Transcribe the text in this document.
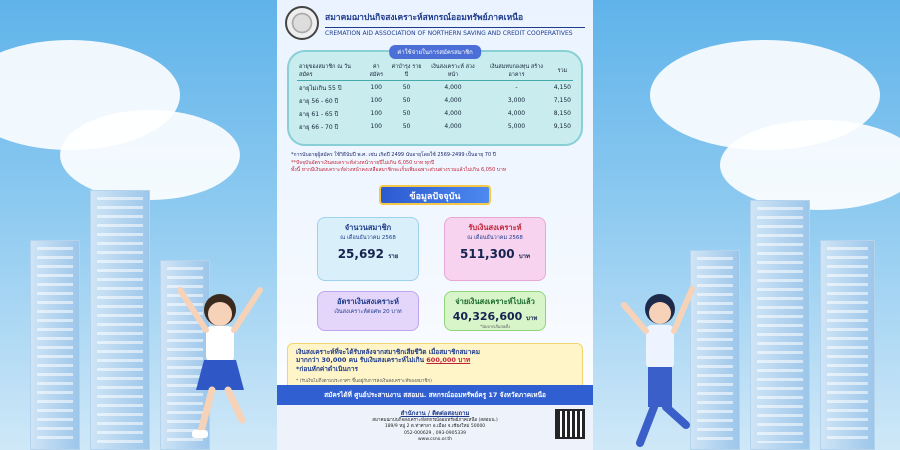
สมาคมฌาปนกิจสงเคราะห์สหกรณ์ออมทรัพย์ภาคเหนือ
CREMATION AID ASSOCIATION OF NORTHERN SAVING AND CREDIT COOPERATIVES
ค่าใช้จ่ายในการสมัครสมาชิก
อายุของสมาชิก ณ วันสมัคร	ค่าสมัคร	ค่าบำรุง รายปี	เงินสงเคราะห์ ล่วงหน้า	เงินสมทบกองทุน สร้างอาคาร	รวม
อายุไม่เกิน 55 ปี	100	50	4,000	-	4,150
อายุ 56 - 60 ปี	100	50	4,000	3,000	7,150
อายุ 61 - 65 ปี	100	50	4,000	4,000	8,150
อายุ 66 - 70 ปี	100	50	4,000	5,000	9,150
*การนับอายุผู้สมัคร ใช้วิธีนับปี พ.ศ. เช่น เกิดปี 2499 นับอายุโดยใช้ 2569-2499 เป็นอายุ 70 ปี
**ปัจจุบันอัตราเงินสงเคราะห์ล่วงหน้ารายปีไม่เกิน 6,050 บาท ทุกปี
ทั้งนี้ หากมีเงินสงเคราะห์ล่วงหน้าคงเหลือสมาชิกจะเก็บเพิ่มเฉพาะส่วนต่างรวมแล้วไม่เกิน 6,050 บาท
ข้อมูลปัจจุบัน
จำนวนสมาชิก
ณ เดือนธันวาคม 2568
25,692 ราย
รับเงินสงเคราะห์
ณ เดือนธันวาคม 2568
511,300 บาท
อัตราเงินสงเคราะห์
เงินสงเคราะห์ต่อศพ 20 บาท
จ่ายเงินสงเคราะห์ไปแล้ว
40,326,600 บาท
*นับจากเริ่มก่อตั้ง
เงินสงเคราะห์ที่จะได้รับหลังจากสมาชิกเสียชีวิต เมื่อสมาชิกสมาคม
มากกว่า 30,000 คน รับเงินสงเคราะห์ไม่เกิน 600,000 บาท
*ก่อนหักค่าดำเนินการ
* (รับเงินไม่ถึงตามประกาศฯ ขึ้นอยู่กับการส่งเงินสงเคราะห์ของสมาชิก)
สมัครได้ที่ ศูนย์ประสานงาน สสอมน. สหกรณ์ออมทรัพย์ครู 17 จังหวัดภาคเหนือ
สำนักงาน / ติดต่อสอบถาม
สมาคมฌาปนกิจสงเคราะห์สหกรณ์ออมทรัพย์ภาคเหนือ (สสอมน.)
189/9 หมู่ 2 ต.ท่าศาลา อ.เมือง จ.เชียงใหม่ 50000
052-000629 , 093-0905339
www.csno.or.th
